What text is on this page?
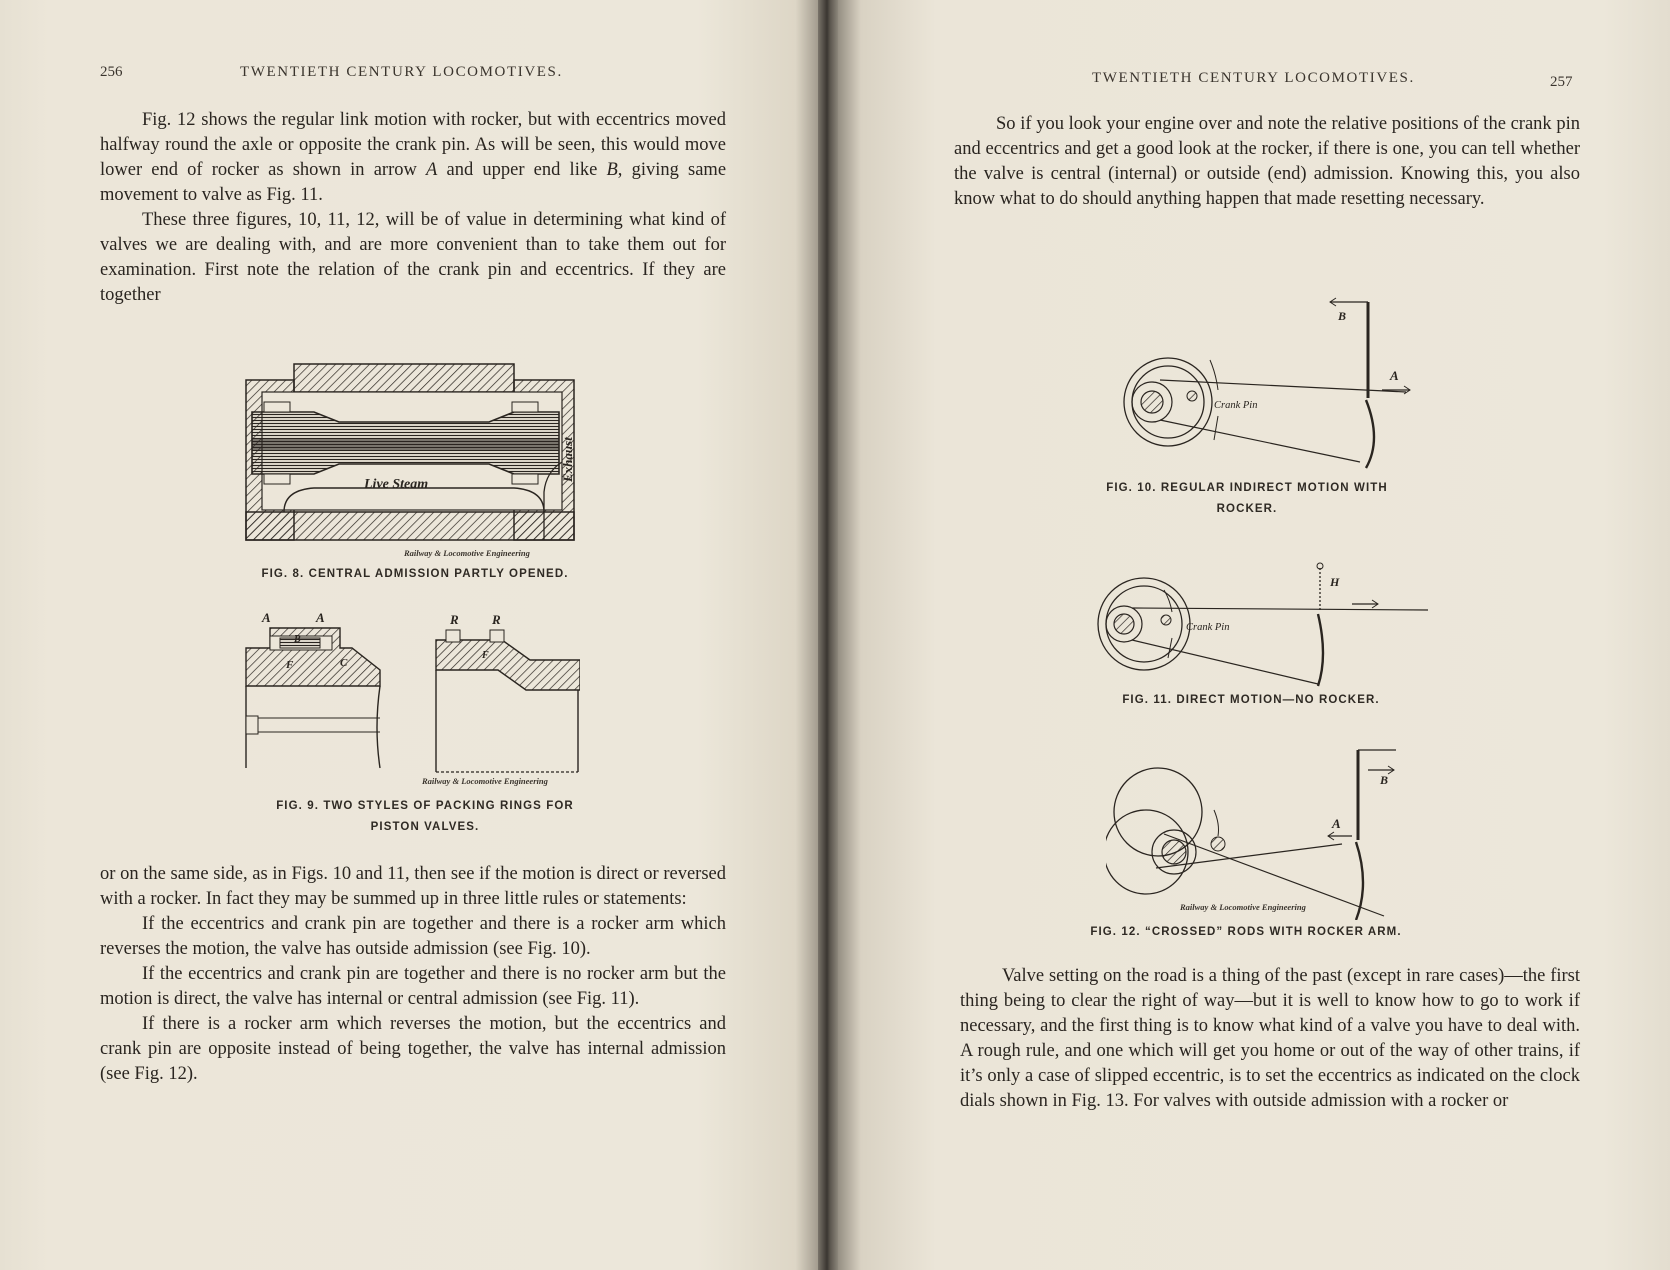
256	TWENTIETH CENTURY LOCOMOTIVES.

Fig. 12 shows the regular link motion with rocker, but with eccentrics moved halfway round the axle or opposite the crank pin. As will be seen, this would move lower end of rocker as shown in arrow A and upper end like B, giving same movement to valve as Fig. 11.

These three figures, 10, 11, 12, will be of value in determining what kind of valves we are dealing with, and are more convenient than to take them out for examination. First note the relation of the crank pin and eccentrics. If they are together

Live Steam
Exhaust
Railway & Locomotive Engineering
FIG. 8. CENTRAL ADMISSION PARTLY OPENED.
A	A
B
F	C
R	R
F
Railway & Locomotive Engineering
FIG. 9. TWO STYLES OF PACKING RINGS FOR
PISTON VALVES.

or on the same side, as in Figs. 10 and 11, then see if the motion is direct or reversed with a rocker. In fact they may be summed up in three little rules or statements:

If the eccentrics and crank pin are together and there is a rocker arm which reverses the motion, the valve has outside admission (see Fig. 10).

If the eccentrics and crank pin are together and there is no rocker arm but the motion is direct, the valve has internal or central admission (see Fig. 11).

If there is a rocker arm which reverses the motion, but the eccentrics and crank pin are opposite instead of being together, the valve has internal admission (see Fig. 12).

TWENTIETH CENTURY LOCOMOTIVES.	257

So if you look your engine over and note the relative positions of the crank pin and eccentrics and get a good look at the rocker, if there is one, you can tell whether the valve is central (internal) or outside (end) admission. Knowing this, you also know what to do should anything happen that made resetting necessary.

B
A
Crank Pin
FIG. 10. REGULAR INDIRECT MOTION WITH
ROCKER.
H
Crank Pin
FIG. 11. DIRECT MOTION—NO ROCKER.
B
A
Railway & Locomotive Engineering
FIG. 12. “CROSSED” RODS WITH ROCKER ARM.

Valve setting on the road is a thing of the past (except in rare cases)—the first thing being to clear the right of way—but it is well to know how to go to work if necessary, and the first thing is to know what kind of a valve you have to deal with. A rough rule, and one which will get you home or out of the way of other trains, if it’s only a case of slipped eccentric, is to set the eccentrics as indicated on the clock dials shown in Fig. 13. For valves with outside admission with a rocker or
